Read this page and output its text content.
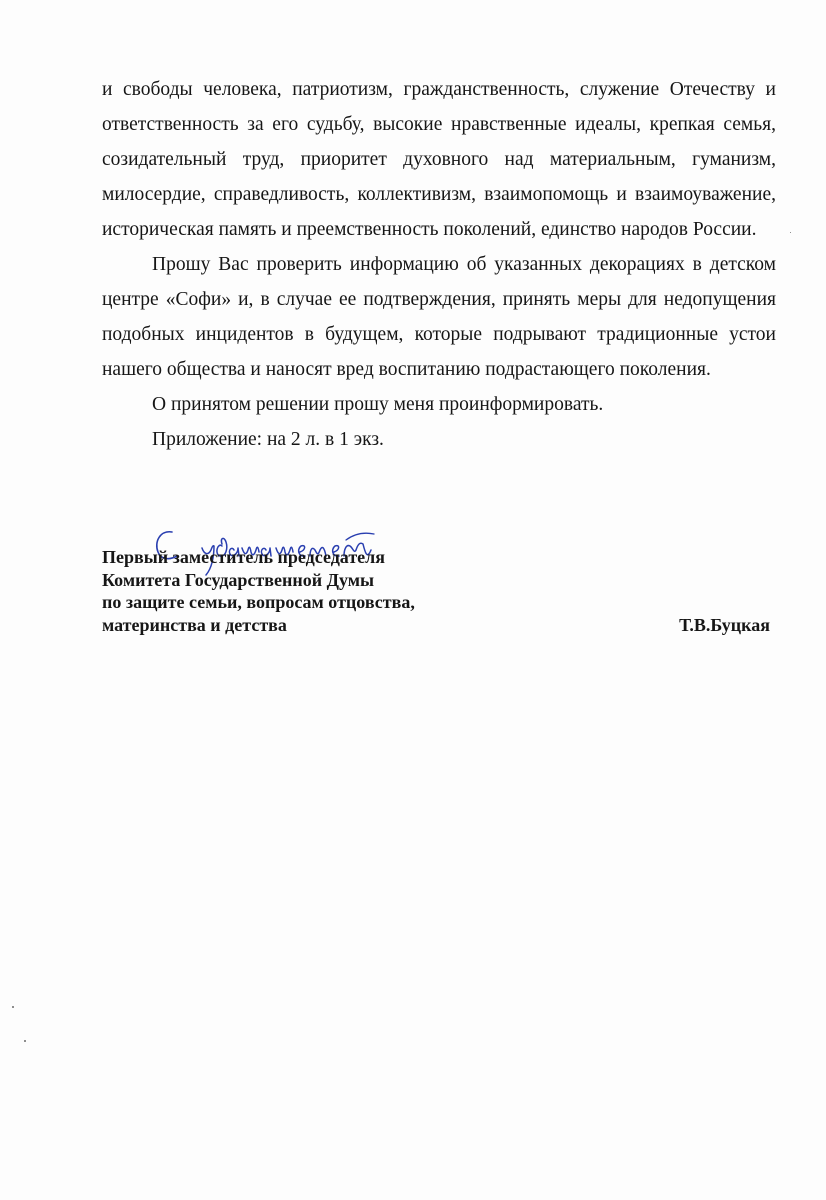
и свободы человека, патриотизм, гражданственность, служение Отечеству и ответственность за его судьбу, высокие нравственные идеалы, крепкая семья, созидательный труд, приоритет духовного над материальным, гуманизм, милосердие, справедливость, коллективизм, взаимопомощь и взаимоуважение, историческая память и преемственность поколений, единство народов России.

Прошу Вас проверить информацию об указанных декорациях в детском центре «Софи» и, в случае ее подтверждения, принять меры для недопущения подобных инцидентов в будущем, которые подрывают традиционные устои нашего общества и наносят вред воспитанию подрастающего поколения.

О принятом решении прошу меня проинформировать.

Приложение: на 2 л. в 1 экз.

Первый заместитель председателя
Комитета Государственной Думы
по защите семьи, вопросам отцовства,
материнства и детства	Т.В.Буцкая
